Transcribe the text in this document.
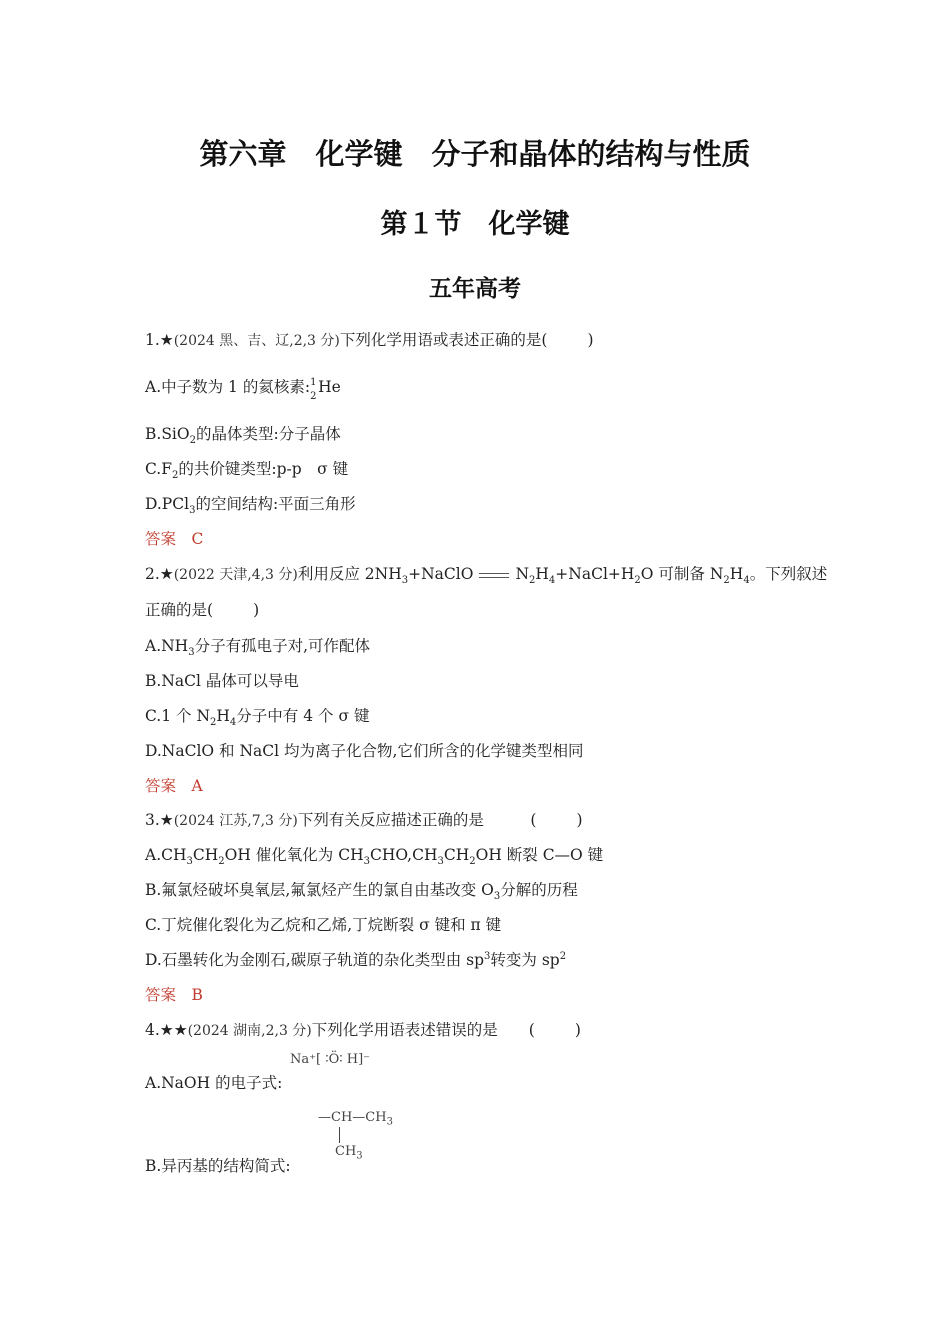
第六章　化学键　分子和晶体的结构与性质
第１节　化学键
五年高考
1.★(2024 黑、吉、辽,2,3 分)下列化学用语或表述正确的是(	)
A.中子数为 1 的氦核素: 1
2
He
B.SiO$_2$的晶体类型:分子晶体
$C.F_2$的共价键类型:p-p　σ 键
D.PCl$_3$的空间结构:平面三角形
答案　C
2.★(2022 天津,4,3 分)利用反应 $2NH_3+NaClO$	$N_2H_4+NaCl+H_2O$ 可制备 $N_2H_4$。下列叙述
正确的是(	)
$A.NH_3$分子有孤电子对,可作配体
B.NaCl 晶体可以导电
C.1 个 $N_2H_4$分子中有 4 个 σ 键
D.NaClO 和 NaCl 均为离子化合物,它们所含的化学键类型相同
答案　A
3.★(2024 江苏,7,3 分)下列有关反应描述正确的是　　　(	)
$A.CH_3CH_2OH$ 催化氧化为 $CH_3CHO,CH_3CH_2OH$ 断裂 C—O 键
B.氟氯烃破坏臭氧层,氟氯烃产生的氯自由基改变 $O_3$分解的历程
C.丁烷催化裂化为乙烷和乙烯,丁烷断裂 σ 键和 π 键
D.石墨转化为金刚石,碳原子轨道的杂化类型由 $sp^3$转变为 $sp^2$
答案　B
4.★★(2024 湖南,2,3 分)下列化学用语表述错误的是　　(	)
Na⁺[ ∶Ö∶ H]⁻
A.NaOH 的电子式:
$—CH—CH_3$
$CH_3$
B.异丙基的结构简式:
